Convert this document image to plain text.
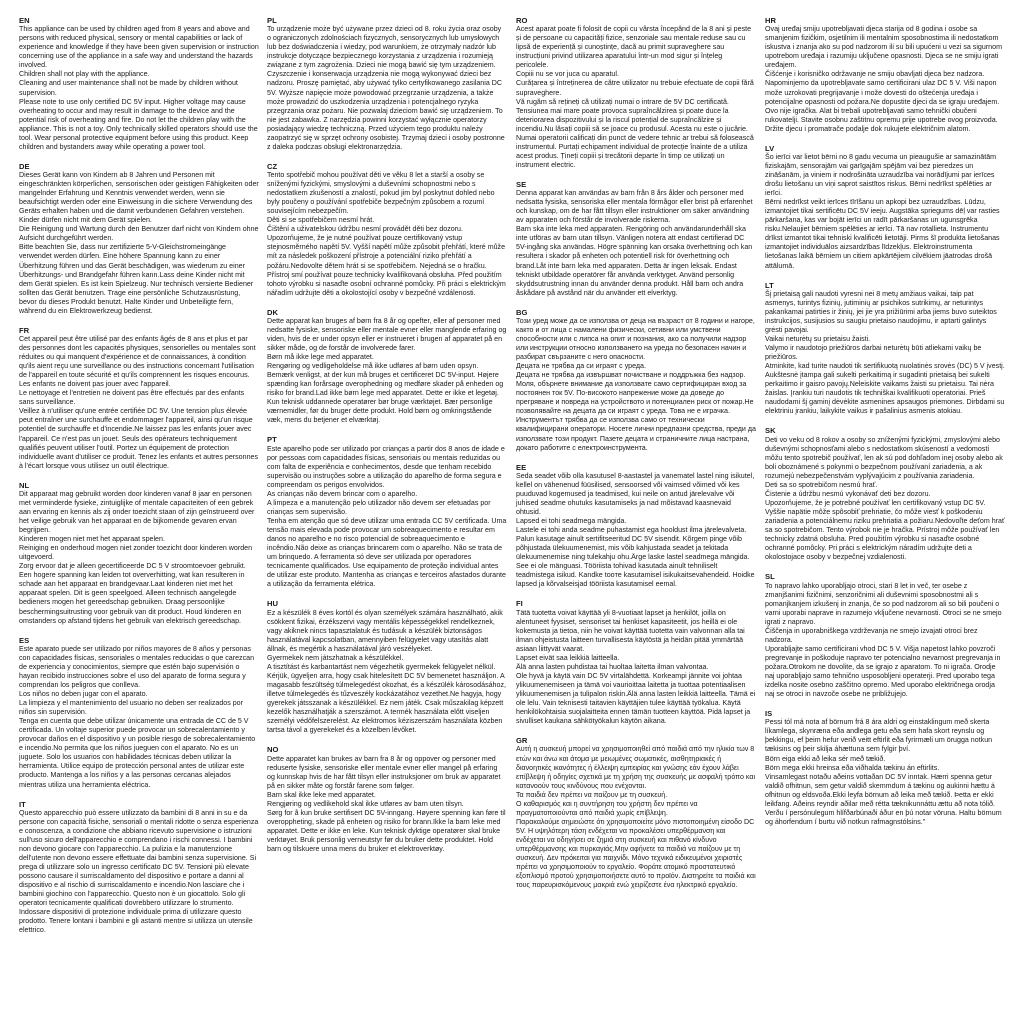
EN

This appliance can be used by children aged from 8 years and above and persons with reduced physical, sensory or mental capabilities or lack of experience and knowledge if they have been given supervision or instruction concerning use of the appliance in a safe way and understand the hazards involved.
Children shall not play with the appliance.
Cleaning and user maintenance shall not be made by children without supervision.
Please note to use only certified DC 5V input. Higher voltage may cause overheating to occur and may result in damage to the device and the potential risk of overheating and fire. Do not let the children play with the appliance. This is not a toy. Only technically skilled operators should use the tool. Wear personal protective equipment before using this product. Keep children and bystanders away while operating a power tool.

DE

Dieses Gerät kann von Kindern ab 8 Jahren und Personen mit eingeschränkten körperlichen, sensorischen oder geistigen Fähigkeiten oder mangelnder Erfahrung und Kenntnis verwendet werden, wenn sie beaufsichtigt werden oder eine Einweisung in die sichere Verwendung des Geräts erhalten haben und die damit verbundenen Gefahren verstehen.
Kinder dürfen nicht mit dem Gerät spielen.
Die Reinigung und Wartung durch den Benutzer darf nicht von Kindern ohne Aufsicht durchgeführt werden.
Bitte beachten Sie, dass nur zertifizierte 5-V-Gleichstromeingänge verwendet werden dürfen. Eine höhere Spannung kann zu einer Überhitzung führen und das Gerät beschädigen, was wiederum zu einer Überhitzungs- und Brandgefahr führen kann.Lass deine Kinder nicht mit dem Gerät spielen. Es ist kein Spielzeug. Nur technisch versierte Bediener sollten das Gerät benutzen. Trage eine persönliche Schutzausrüstung, bevor du dieses Produkt benutzt. Halte Kinder und Unbeteiligte fern, während du ein Elektrowerkzeug bedienst.

FR

Cet appareil peut être utilisé par des enfants âgés de 8 ans et plus et par des personnes dont les capacités physiques, sensorielles ou mentales sont réduites ou qui manquent d'expérience et de connaissances, à condition qu'ils aient reçu une surveillance ou des instructions concernant l'utilisation de l'appareil en toute sécurité et qu'ils comprennent les risques encourus.
Les enfants ne doivent pas jouer avec l'appareil.
Le nettoyage et l'entretien ne doivent pas être effectués par des enfants sans surveillance.
Veillez à n'utiliser qu'une entrée certifiée DC 5V. Une tension plus élevée peut entraîner une surchauffe et endommager l'appareil, ainsi qu'un risque potentiel de surchauffe et d'incendie.Ne laissez pas les enfants jouer avec l'appareil. Ce n'est pas un jouet. Seuls des opérateurs techniquement qualifiés peuvent utiliser l'outil. Portez un équipement de protection individuelle avant d'utiliser ce produit. Tenez les enfants et autres personnes à l'écart lorsque vous utilisez un outil électrique.

NL

Dit apparaat mag gebruikt worden door kinderen vanaf 8 jaar en personen met verminderde fysieke, zintuiglijke of mentale capaciteiten of een gebrek aan ervaring en kennis als zij onder toezicht staan of zijn geïnstrueerd over het veilige gebruik van het apparaat en de bijkomende gevaren ervan begrijpen.
Kinderen mogen niet met het apparaat spelen.
Reiniging en onderhoud mogen niet zonder toezicht door kinderen worden uitgevoerd.
Zorg ervoor dat je alleen gecertificeerde DC 5 V stroomtoevoer gebruikt. Een hogere spanning kan leiden tot oververhitting, wat kan resulteren in schade aan het apparaat en brandgevaar.Laat kinderen niet met het apparaat spelen. Dit is geen speelgoed. Alleen technisch aangelegde bedieners mogen het gereedschap gebruiken. Draag persoonlijke beschermingsuitrusting voor gebruik van dit product. Houd kinderen en omstanders op afstand tijdens het gebruik van elektrisch gereedschap.

ES

Este aparato puede ser utilizado por niños mayores de 8 años y personas con capacidades físicas, sensoriales o mentales reducidas o que carezcan de experiencia y conocimientos, siempre que estén bajo supervisión o hayan recibido instrucciones sobre el uso del aparato de forma segura y comprendan los peligros que conlleva.
Los niños no deben jugar con el aparato.
La limpieza y el mantenimiento del usuario no deben ser realizados por niños sin supervisión.
Tenga en cuenta que debe utilizar únicamente una entrada de CC de 5 V certificada. Un voltaje superior puede provocar un sobrecalentamiento y provocar daños en el dispositivo y un posible riesgo de sobrecalentamiento e incendio.No permita que los niños jueguen con el aparato. No es un juguete. Solo los usuarios con habilidades técnicas deben utilizar la herramienta. Utilice equipo de protección personal antes de utilizar este producto. Mantenga a los niños y a las personas cercanas alejados mientras utiliza una herramienta eléctrica.

IT

Questo apparecchio può essere utilizzato da bambini di 8 anni in su e da persone con capacità fisiche, sensoriali o mentali ridotte o senza esperienza e conoscenza, a condizione che abbiano ricevuto supervisione o istruzioni sull'uso sicuro dell'apparecchio e comprendano i rischi connessi. I bambini non devono giocare con l'apparecchio. La pulizia e la manutenzione dell'utente non devono essere effettuate dai bambini senza supervisione. Si prega di utilizzare solo un ingresso certificato DC 5V. Tensioni più elevate possono causare il surriscaldamento del dispositivo e portare a danni al dispositivo e al rischio di surriscaldamento e incendio.Non lasciare che i bambini giochino con l'apparecchio. Questo non è un giocattolo. Solo gli operatori tecnicamente qualificati dovrebbero utilizzare lo strumento. Indossare dispositivi di protezione individuale prima di utilizzare questo prodotto. Tenere lontani i bambini e gli astanti mentre si utilizza un utensile elettrico.

PL

To urządzenie może być używane przez dzieci od 8. roku życia oraz osoby o ograniczonych zdolnościach fizycznych, sensorycznych lub umysłowych lub bez doświadczenia i wiedzy, pod warunkiem, że otrzymały nadzór lub instrukcje dotyczące bezpiecznego korzystania z urządzenia i rozumieją związane z tym zagrożenia. Dzieci nie mogą bawić się tym urządzeniem. Czyszczenie i konserwacja urządzenia nie mogą wykonywać dzieci bez nadzoru. Proszę pamiętać, aby używać tylko certyfikowanego zasilania DC 5V. Wyższe napięcie może powodować przegrzanie urządzenia, a także może prowadzić do uszkodzenia urządzenia i potencjalnego ryzyka przegrzania oraz pożaru. Nie pozwalaj dzieciom bawić się urządzeniem. To nie jest zabawka. Z narzędzia powinni korzystać wyłącznie operatorzy posiadający wiedzę techniczną. Przed użyciem tego produktu należy zaopatrzyć się w sprzęt ochrony osobistej. Trzymaj dzieci i osoby postronne z daleka podczas obsługi elektronarzędzia.

CZ

Tento spotřebič mohou používat děti ve věku 8 let a starší a osoby se sníženými fyzickými, smyslovými a duševními schopnostmi nebo s nedostatkem zkušeností a znalostí, pokud jim byl poskytnut dohled nebo byly poučeny o používání spotřebiče bezpečným způsobem a rozumí souvisejícím nebezpečím.
Děti si se spotřebičem nesmí hrát.
Čištění a uživatelskou údržbu nesmí provádět děti bez dozoru.
Upozorňujeme, že je nutné používat pouze certifikovaný vstup stejnosměrného napětí 5V. Vyšší napětí může způsobit přehřátí, které může mít za následek poškození přístroje a potenciální riziko přehřátí a požáru.Nedovolte dětem hrát si se spotřebičem. Nejedná se o hračku. Přístroj smí používat pouze technicky kvalifikovaná obsluha. Před použitím tohoto výrobku si nasaďte osobní ochranné pomůcky. Při práci s elektrickým nářadím udržujte děti a okolostojící osoby v bezpečné vzdálenosti.

DK

Dette apparat kan bruges af børn fra 8 år og opefter, eller af personer med nedsatte fysiske, sensoriske eller mentale evner eller manglende erfaring og viden, hvis de er under opsyn eller er instrueret i brugen af apparatet på en sikker måde, og de forstår de involverede farer.
Børn må ikke lege med apparatet.
Rengøring og vedligeholdelse må ikke udføres af børn uden opsyn.
Bemærk venligst, at der kun må bruges et certificeret DC 5V-input. Højere spænding kan forårsage overophedning og medføre skader på enheden og risiko for brand.Lad ikke børn lege med apparatet. Dette er ikke et legetøj. Kun teknisk uddannede operatører bør bruge værktøjet. Bær personlige værnemidler, før du bruger dette produkt. Hold børn og omkringstående væk, mens du betjener et elværktøj.

PT

Este aparelho pode ser utilizado por crianças a partir dos 8 anos de idade e por pessoas com capacidades físicas, sensoriais ou mentais reduzidas ou com falta de experiência e conhecimentos, desde que tenham recebido supervisão ou instruções sobre a utilização do aparelho de forma segura e compreendam os perigos envolvidos.
As crianças não devem brincar com o aparelho.
A limpeza e a manutenção pelo utilizador não devem ser efetuadas por crianças sem supervisão.
Tenha em atenção que só deve utilizar uma entrada CC 5V certificada. Uma tensão mais elevada pode provocar um sobreaquecimento e resultar em danos no aparelho e no risco potencial de sobreaquecimento e incêndio.Não deixe as crianças brincarem com o aparelho. Não se trata de um brinquedo. A ferramenta só deve ser utilizada por operadores tecnicamente qualificados. Use equipamento de proteção individual antes de utilizar este produto. Mantenha as crianças e terceiros afastados durante a utilização da ferramenta elétrica.

HU

Ez a készülék 8 éves kortól és olyan személyek számára használható, akik csökkent fizikai, érzékszervi vagy mentális képességekkel rendelkeznek, vagy akiknek nincs tapasztalatuk és tudásuk a készülék biztonságos használatával kapcsolatban, amennyiben felügyelet vagy utasítás alatt állnak, és megértik a használatával járó veszélyeket.
Gyermekek nem játszhatnak a készülékkel.
A tisztítást és karbantartást nem végezhetik gyermekek felügyelet nélkül. Kérjük, ügyeljen arra, hogy csak hitelesített DC 5V bemenetet használjon. A magasabb feszültség túlmelegedést okozhat, és a készülék károsodásához, illetve túlmelegedés és tűzveszély kockázatához vezethet.Ne hagyja, hogy gyerekek játsszanak a készülékkel. Ez nem játék. Csak műszakilag képzett kezelők használhatják a szerszámot. A termék használata előtt viseljen személyi védőfelszerelést. Az elektromos kéziszerszám használata közben tartsa távol a gyerekeket és a közelben lévőket.

NO

Dette apparatet kan brukes av barn fra 8 år og oppover og personer med reduserte fysiske, sensoriske eller mentale evner eller mangel på erfaring og kunnskap hvis de har fått tilsyn eller instruksjoner om bruk av apparatet på en sikker måte og forstår farene som følger.
Barn skal ikke leke med apparatet.
Rengjøring og vedlikehold skal ikke utføres av barn uten tilsyn.
Sørg for å kun bruke sertifisert DC 5V-inngang. Høyere spenning kan føre til overoppheting, skade på enheten og risiko for brann.Ikke la barn leke med apparatet. Dette er ikke en leke. Kun teknisk dyktige operatører skal bruke verktøyet. Bruk personlig verneutstyr før du bruker dette produktet. Hold barn og tilskuere unna mens du bruker et elektroverktøy.

RO

Acest aparat poate fi folosit de copii cu vârsta începând de la 8 ani și peste și de persoane cu capacități fizice, senzoriale sau mentale reduse sau cu lipsă de experiență și cunoștințe, dacă au primit supraveghere sau instrucțiuni privind utilizarea aparatului într-un mod sigur și înțeleg pericolele.
Copiii nu se vor juca cu aparatul.
Curățarea și întreținerea de către utilizator nu trebuie efectuate de copii fără supraveghere.
Vă rugăm să rețineți că utilizați numai o intrare de 5V DC certificată. Tensiunea mai mare poate provoca supraîncălzirea și poate duce la deteriorarea dispozitivului și la riscul potențial de supraîncălzire și incendiu.Nu lăsați copiii să se joace cu produsul. Acesta nu este o jucărie. Numai operatorii calificați din punct de vedere tehnic ar trebui să folosească instrumentul. Purtați echipament individual de protecție înainte de a utiliza acest produs. Țineți copiii și trecătorii departe în timp ce utilizați un instrument electric.

SE

Denna apparat kan användas av barn från 8 års ålder och personer med nedsatta fysiska, sensoriska eller mentala förmågor eller brist på erfarenhet och kunskap, om de har fått tillsyn eller instruktioner om säker användning av apparaten och förstår de involverade riskerna.
Barn ska inte leka med apparaten. Rengöring och användarunderhåll ska inte utföras av barn utan tillsyn. Vänligen notera att endast certifierad DC 5V-ingång ska användas. Högre spänning kan orsaka överhettning och kan resultera i skador på enheten och potentiell risk för överhettning och brand.Låt inte barn leka med apparaten. Detta är ingen leksak. Endast tekniskt utbildade operatörer får använda verktyget. Använd personlig skyddsutrustning innan du använder denna produkt. Håll barn och andra åskådare på avstånd när du använder ett elverktyg.

BG

Този уред може да се използва от деца на възраст от 8 години и нагоре, както и от лица с намалени физически, сетивни или умствени способности или с липса на опит и познания, ако са получили надзор или инструкции относно използването на уреда по безопасен начин и разбират свързаните с него опасности.
Децата не трябва да си играят с уреда.
Децата не трябва да извършват почистване и поддръжка без надзор.
Моля, обърнете внимание да използвате само сертифициран вход за постоянен ток 5V. По-високото напрежение може да доведе до прегряване и повреда на устройството и потенциален риск от пожар.Не позволявайте на децата да си играят с уреда. Това не е играчка. Инструментът трябва да се използва само от технически квалифицирани оператори. Носете лични предпазни средства, преди да използвате този продукт. Пазете децата и страничните лица настрана, докато работите с електроинструмента.

EE

Seda seadet võib olla kasutusel 8-aastastel ja vanematel lastel ning isikutel, kellel on vähenenud füüsilised, sensoorsed või vaimsed võimed või kes puuduvad kogemused ja teadmised, kui neile on antud järelevalve või juhised seadme ohutuks kasutamiseks ja nad mõistavad kaasnevaid ohtusid.
Lapsed ei tohi seadmega mängida.
Lastele ei tohi anda seadme puhastamist ega hooldust ilma järelevalveta.
Palun kasutage ainult sertifitseeritud DC 5V sisendit. Kõrgem pinge võib põhjustada ülekuumenemist, mis võib kahjustada seadet ja tekitada ülekuumenemise ning tulekahju ohu.Ärge laske lastel seadmega mängida. See ei ole mänguasi. Tööriista tohivad kasutada ainult tehniliselt teadmistega isikud. Kandke tooте kasutamisel isikukaitsevahendeid. Hoidke lapsed ja kõrvalseisjad tööriista kasutamisel eemal.

FI

Tätä tuotetta voivat käyttää yli 8-vuotiaat lapset ja henkilöt, joilla on alentuneet fyysiset, sensoriset tai henkiset kapasiteetit, jos heillä ei ole kokemusta ja tietoa, niin he voivat käyttää tuotetta vain valvonnan alla tai ilman ohjeistusta laitteen turvallisesta käytöstä ja heidän pitää ymmärtää asiaan liittyvät vaarat.
Lapset eivät saa leikkiä laitteella.
Älä anna lasten puhdistaa tai huoltaa laitetta ilman valvontaa.
Ole hyvä ja käytä vain DC 5V virtalähdettä. Korkeampi jännite voi johtaa ylikuumenemiseen ja tämä voi vaurioittaa laitetta ja tuottaa potentiaalisen ylikuumenemisen ja tulipalon riskin.Älä anna lasten leikkiä laitteella. Tämä ei ole lelu. Vain teknisesti taitavien käyttäjien tulee käyttää työkalua. Käytä henkilökohtaisia suojalaitteita ennen tämän tuotteen käyttöä. Pidä lapset ja sivulliset kaukana sähkötyökalun käytön aikana.

GR

Αυτή η συσκευή μπορεί να χρησιμοποιηθεί από παιδιά από την ηλικία των 8 ετών και άνω και άτομα με μειωμένες σωματικές, αισθητηριακές ή διανοητικές ικανότητες ή έλλειψη εμπειρίας και γνώσης εάν έχουν λάβει επίβλεψη ή οδηγίες σχετικά με τη χρήση της συσκευής με ασφαλή τρόπο και κατανοούν τους κινδύνους που ενέχονται.
Τα παιδιά δεν πρέπει να παίζουν με τη συσκευή.
Ο καθαρισμός και η συντήρηση του χρήστη δεν πρέπει να πραγματοποιούνται από παιδιά χωρίς επίβλεψη.
Παρακαλούμε σημειώστε ότι χρησιμοποιείτε μόνο πιστοποιημένη είσοδο DC 5V. Η υψηλότερη τάση ενδέχεται να προκαλέσει υπερθέρμανση και ενδέχεται να οδηγήσει σε ζημιά στη συσκευή και πιθανό κίνδυνο υπερθέρμανσης και πυρκαγιάς.Μην αφήνετε τα παιδιά να παίζουν με τη συσκευή. Δεν πρόκειται για παιχνίδι. Μόνο τεχνικά ειδικευμένοι χειριστές πρέπει να χρησιμοποιούν το εργαλείο. Φοράτε ατομικό προστατευτικό εξοπλισμό προτού χρησιμοποιήσετε αυτό το προϊόν. Διατηρείτε τα παιδιά και τους παρευρισκόμενους μακριά ενώ χειρίζεστε ένα ηλεκτρικό εργαλείο.

HR

Ovaj uređaj smiju upotrebljavati djeca starija od 8 godina i osobe sa smanjenim fizičkim, osjetilnim ili mentalnim sposobnostima ili nedostatkom iskustva i znanja ako su pod nadzorom ili su bili upućeni u vezi sa sigurnom upotrebom uređaja i razumiju uključene opasnosti. Djeca se ne smiju igrati uređajem.
Čišćenje i korisničko održavanje ne smiju obavljati djeca bez nadzora. Napominjemo da upotrebljavate samo certificirani ulaz DC 5 V. Viši napon može uzrokovati pregrijavanje i može dovesti do oštećenja uređaja i potencijalne opasnosti od požara.Ne dopustite djeci da se igraju uređajem. Ovo nije igračka. Alat bi trebali upotrebljavati samo tehnički obučeni rukovatelji. Stavite osobnu zaštitnu opremu prije upotrebe ovog proizvoda. Držite djecu i promatrače podalje dok rukujete električnim alatom.

LV

Šo ierīci var lietot bērni no 8 gadu vecuma un pieaugušie ar samazinātām fiziskajām, sensorajām vai garīgajām spējām vai bez pieredzes un zināšanām, ja viniem ir nodrošināta uzraudzība vai norādījumi par ierīces drošu lietošanu un viņi saprot saistītos riskus. Bērni nedrīkst spēlēties ar ierīci.
Bērni nedrīkst veikt ierīces tīrīšanu un apkopi bez uzraudzības. Lūdzu, izmantojiet tikai sertificētu DC 5V ieeju. Augstāka spriegums dēļ var rasties pārkaršana, kas var bojāt ierīci un radīt pārkaršanas un ugunsgrēka risku.Nelaujiet bērniem spēlēties ar ierīci. Tā nav rotallieta. Instrumentu drīkst izmantot tikai tehniski kvalificēti lietotāji. Pirms šī produkta lietošanas izmantojiet individuālos aizsardzības līdzekļus. Elektroinstrumenta lietošanas laikā bērniem un citiem apkārtējiem cilvēkiem jāatrodas drošā attālumā.

LT

Šį prietaisą gali naudoti vyresni nei 8 metų amžiaus vaikai, taip pat asmenys, turintys fizinių, jutiminių ar psichikos sutrikimų, ar neturintys pakankamai patirties ir žinių, jei jie yra prižiūrimi arba jiems buvo suteiktos instrukcijos, susijusios su saugiu prietaiso naudojimu, ir aptarti galintys grėsti pavojai.
Vaikai neturėtų su prietaisu žaisti.
Valymo ir naudotojo priežiūros darbai neturėtų būti atliekami vaikų be priežiūros.
Atminkite, kad turite naudoti tik sertifikuotą nuolatinės srovės (DC) 5 V įvestį. Aukštesnė įtampa gali sukelti perkaitimą ir sugadinti prietaisą bei sukelti perkaitimo ir gaisro pavojų.Neleiskite vaikams žaisti su prietaisu. Tai nėra žaislas. Įrankiu turi naudotis tik techniškai kvalifikuoti operatoriai. Prieš naudodami šį gaminį dėvėkite asmenines apsaugos priemones. Dirbdami su elektriniu įrankiu, laikykite vaikus ir pašalinius asmenis atokiau.

SK

Deti vo veku od 8 rokov a osoby so zníženými fyzickými, zmyslovými alebo duševnými schopnosťami alebo s nedostatkom skúseností a vedomostí môžu tento spotrebič používať, len ak sú pod dohľadom inej osoby alebo ak boli oboznámené s pokynmi o bezpečnom používaní zariadenia, a ak rozumejú nebezpečenstvám vyplývajúcim z používania zariadenia.
Deti sa so spotrebičom nesmú hrať.
Čistenie a údržbu nesmú vykonávať deti bez dozoru.
Upozorňujeme, že je potrebné používať len certifikovaný vstup DC 5V. Vyššie napätie môže spôsobiť prehriatie, čo môže viesť k poškodeniu zariadenia a potenciálnemu riziku prehriatia a požiaru.Nedovoľte deťom hrať sa so spotrebičom. Tento výrobok nie je hračka. Prístroj môže používať len technicky zdatná obsluha. Pred použitím výrobku si nasaďte osobné ochranné pomôcky. Pri práci s elektrickým náradím udržujte deti a okolostojace osoby v bezpečnej vzdialenosti.

SL

To napravo lahko uporabljajo otroci, stari 8 let in več, ter osebe z zmanjšanimi fizičnimi, senzoričnimi ali duševnimi sposobnostmi ali s pomanjkanjem izkušenj in znanja, če so pod nadzorom ali so bili poučeni o varni uporabi naprave in razumejo vključene nevarnosti. Otroci se ne smejo igrati z napravo.
Čiščenja in uporabniškega vzdrževanja ne smejo izvajati otroci brez nadzora.
Uporabljajte samo certificirani vhod DC 5 V. Višja napetost lahko povzroči pregrevanje in poškoduje napravo ter potencialno nevarnost pregrevanja in požara.Otrokom ne dovolite, da se igrajo z aparatom. To ni igrača. Orodje naj uporabljajo samo tehnično usposobljeni operaterji. Pred uporabo tega izdelka nosite osebno zaščitno opremo. Med uporabo električnega orodja naj se otroci in navzoče osebe ne približujejo.

IS

Pessi tól má nota af börnum frá 8 ára aldri og einstaklingum með skerta líkamlega, skynræna eða andlega getu eða sem hafa skort reynslu og þekkingu, ef þeim hefur verið veitt eftirlit eða fyrirmæli um örugga notkun tækisins og þeir skilja áhættuna sem fylgir því.
Börn eiga ekki að leika sér með tækið.
Börn mega ekki hreinsa eða viðhalda tækinu án eftirlits.
Vinsamlegast notaðu aðeins vottaðan DC 5V inntak. Hærri spenna getur valdið ofhitnun, sem getur valdið skemmdum á tækinu og aukinni hættu á ofhitnun og eldsvoða.Ekki leyfa börnum að leika með tækið. Þetta er ekki leikfang. Aðeins reyndir aðilar með rétta tæknikunnáttu ættu að nota tólið. Verðu í persónulegum hlífðarbúnaði áður en þú notar vöruna. Haltu börnum og áhorfendum í burtu við notkun rafmagnstólsins."
